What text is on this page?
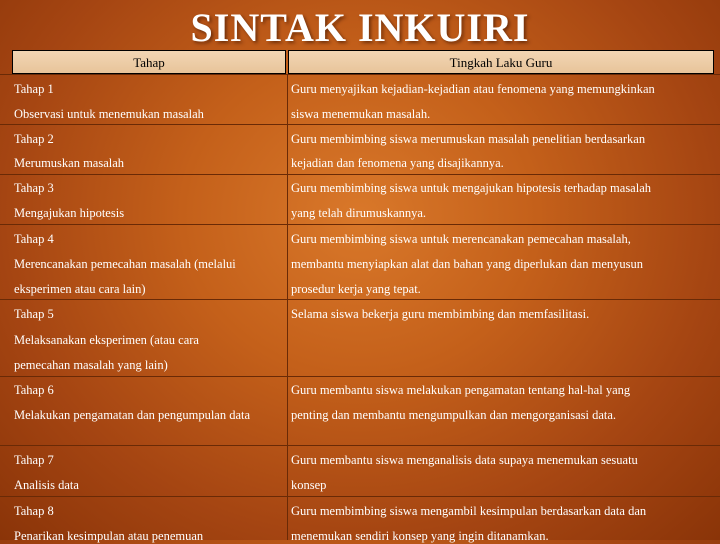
SINTAK INKUIRI
Tahap	Tingkah Laku Guru
Tahap 1
Observasi untuk menemukan masalah
Guru menyajikan kejadian-kejadian atau fenomena yang memungkinkan
siswa menemukan masalah.
Tahap 2
Merumuskan masalah
Guru membimbing siswa merumuskan masalah penelitian berdasarkan
kejadian dan fenomena yang disajikannya.
Tahap 3
Mengajukan hipotesis
Guru membimbing siswa untuk mengajukan hipotesis terhadap masalah
yang telah dirumuskannya.
Tahap 4
Merencanakan pemecahan masalah (melalui
eksperimen atau cara lain)
Guru membimbing siswa untuk merencanakan pemecahan masalah,
membantu menyiapkan alat dan bahan yang diperlukan dan menyusun
prosedur kerja yang tepat.
Tahap 5
Melaksanakan eksperimen (atau cara
pemecahan masalah yang lain)
Selama siswa bekerja guru membimbing dan memfasilitasi.
Tahap 6
Melakukan pengamatan dan pengumpulan data
Guru membantu siswa melakukan pengamatan tentang hal-hal yang
penting dan membantu mengumpulkan dan mengorganisasi data.
Tahap 7
Analisis data
Guru membantu siswa menganalisis data supaya menemukan sesuatu
konsep
Tahap 8
Penarikan kesimpulan atau penemuan
Guru membimbing siswa mengambil kesimpulan berdasarkan data dan
menemukan sendiri konsep yang ingin ditanamkan.
